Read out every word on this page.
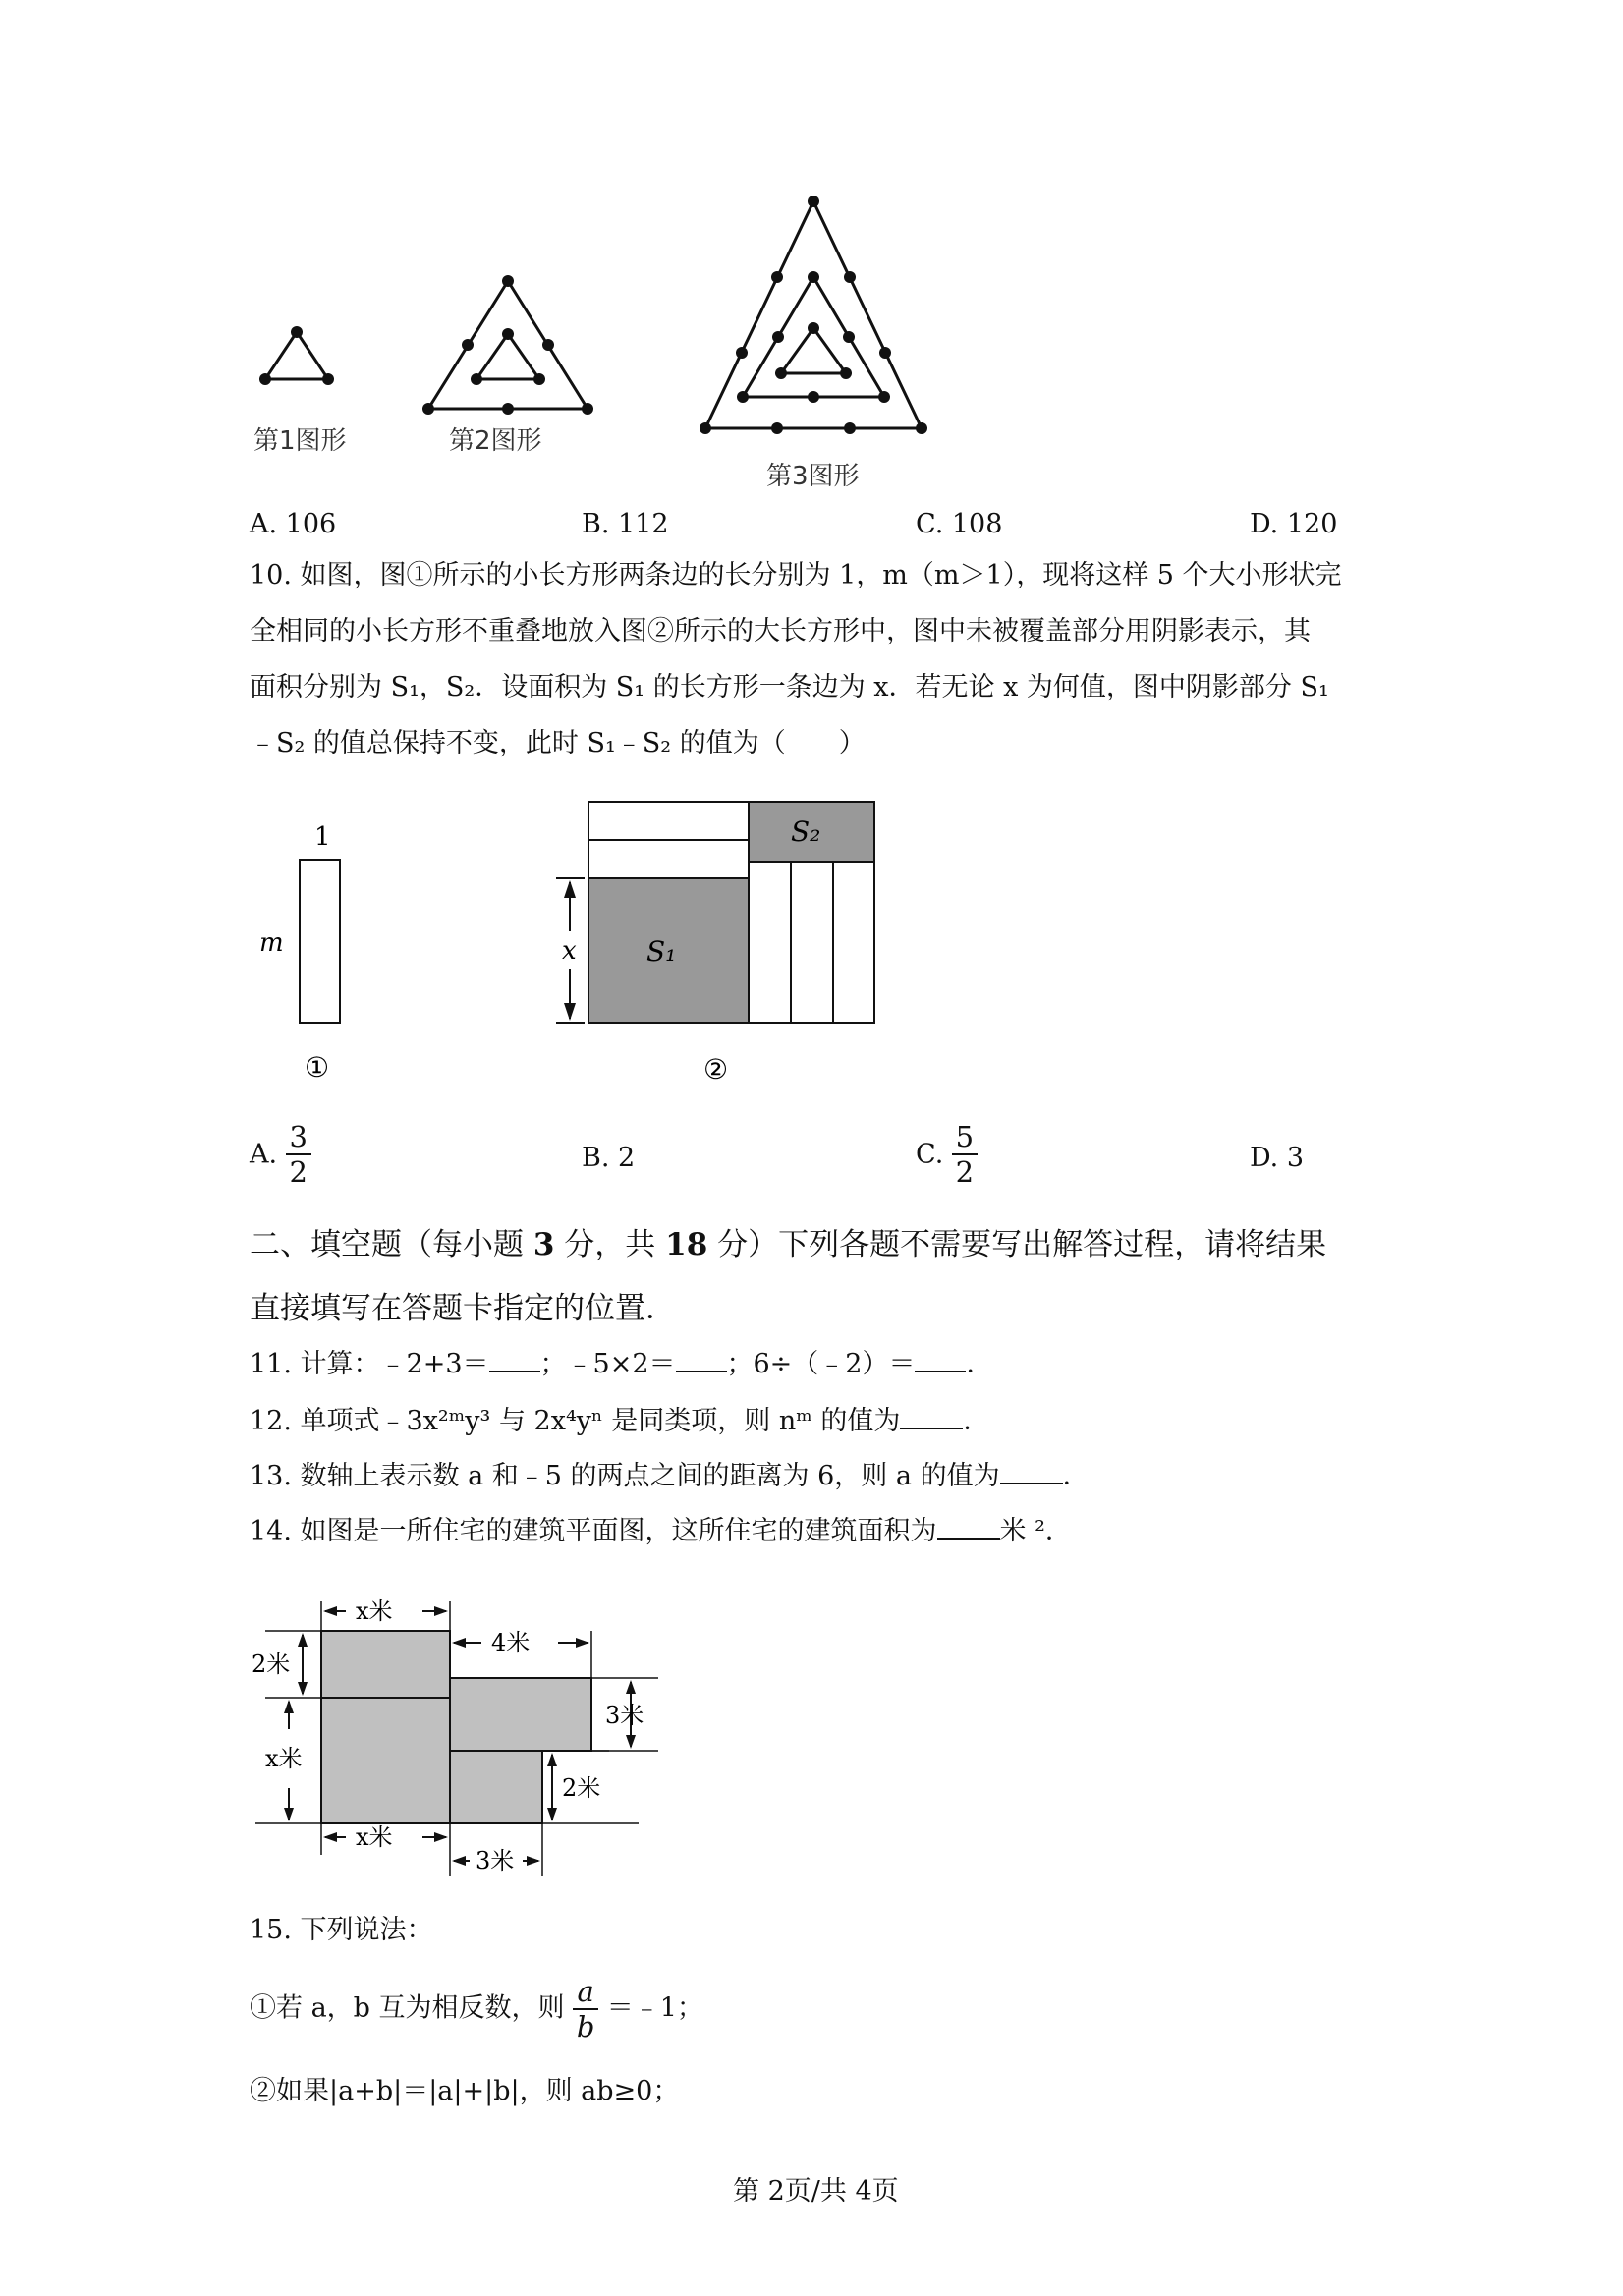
第1图形	第2图形
第3图形
A. 106	B. 112	C. 108	D. 120
10. 如图，图①所示的小长方形两条边的长分别为 1，m（m＞1），现将这样 5 个大小形状完
全相同的小长方形不重叠地放入图②所示的大长方形中，图中未被覆盖部分用阴影表示，其
面积分别为 S₁，S₂．设面积为 S₁ 的长方形一条边为 x．若无论 x 为何值，图中阴影部分 S₁
﹣S₂ 的值总保持不变，此时 S₁﹣S₂ 的值为（　　）
1
m
①
x	S₁
S₂
②
A. $\frac{3}{2}$	B. 2	C. $\frac{5}{2}$	D. 3
二、填空题（每小题 3 分，共 18 分）下列各题不需要写出解答过程，请将结果
直接填写在答题卡指定的位置．
11. 计算：﹣2+3＝ ；﹣5×2＝ ；6÷（﹣2）＝ ．
12. 单项式﹣3x²ᵐy³ 与 2x⁴yⁿ 是同类项，则 nᵐ 的值为 ．
13. 数轴上表示数 a 和﹣5 的两点之间的距离为 6，则 a 的值为 ．
14. 如图是一所住宅的建筑平面图，这所住宅的建筑面积为 米 ²．
x米
4米
2米
x米
3米
2米
x米
3米
15. 下列说法：
①若 a，b 互为相反数，则 $\frac{a}{b}$ ＝﹣1；
②如果|a+b|＝|a|+|b|，则 ab≥0；
第 2页/共 4页
